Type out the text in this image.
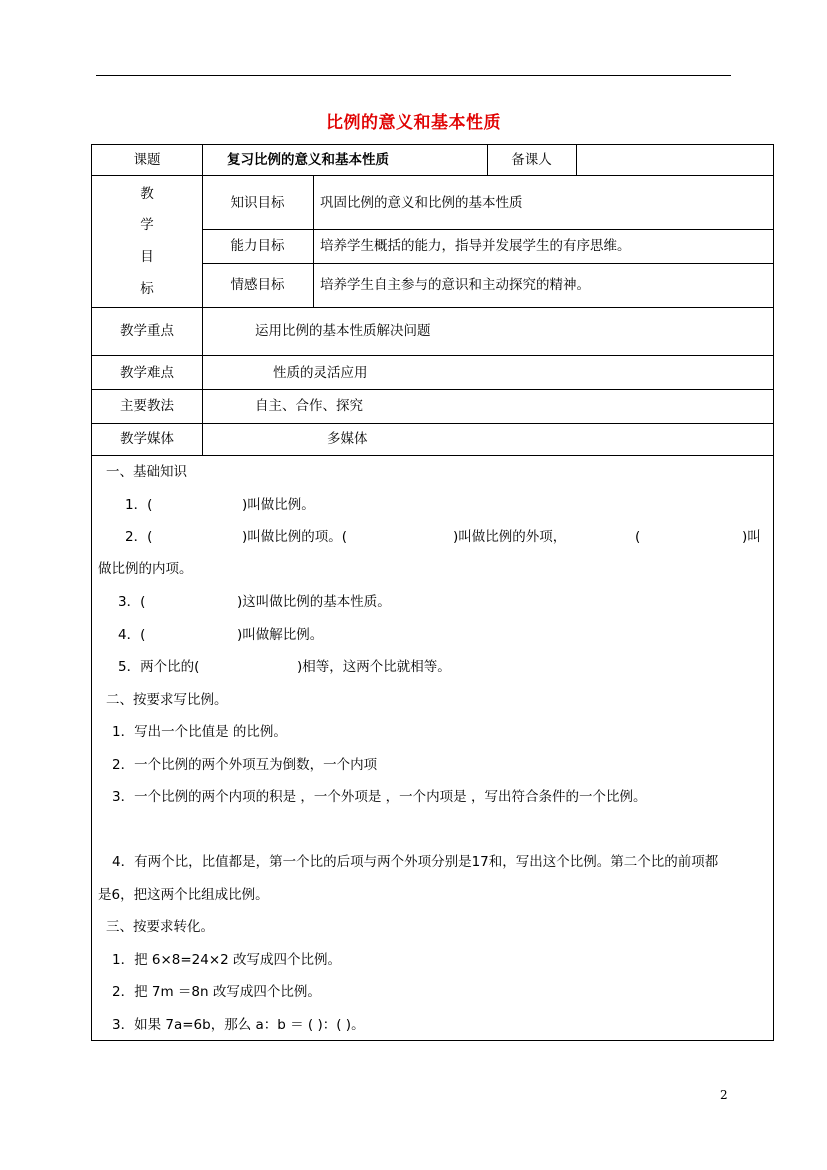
比例的意义和基本性质
课题	复习比例的意义和基本性质	备课人
教
学
目
标
知识目标	巩固比例的意义和比例的基本性质
能力目标	培养学生概括的能力，指导并发展学生的有序思维。
情感目标	培养学生自主参与的意识和主动探究的精神。
教学重点	运用比例的基本性质解决问题
教学难点	性质的灵活应用
主要教法	自主、合作、探究
教学媒体	多媒体
一、基础知识
1．(	)叫做比例。
2．(	)叫做比例的项。(	)叫做比例的外项，	(	)叫
做比例的内项。
3．(	)这叫做比例的基本性质。
4．(	)叫做解比例。
5．两个比的(	)相等，这两个比就相等。
二、按要求写比例。
1．写出一个比值是 的比例。
2．一个比例的两个外项互为倒数，一个内项
3．一个比例的两个内项的积是 ，一个外项是 ，一个内项是 ，写出符合条件的一个比例。
4．有两个比，比值都是，第一个比的后项与两个外项分别是17和，写出这个比例。第二个比的前项都
是6，把这两个比组成比例。
三、按要求转化。
1．把 6×8=24×2 改写成四个比例。
2．把 7m ＝8n 改写成四个比例。
3．如果 7a=6b，那么 a：b ＝ ( )：( )。
2
